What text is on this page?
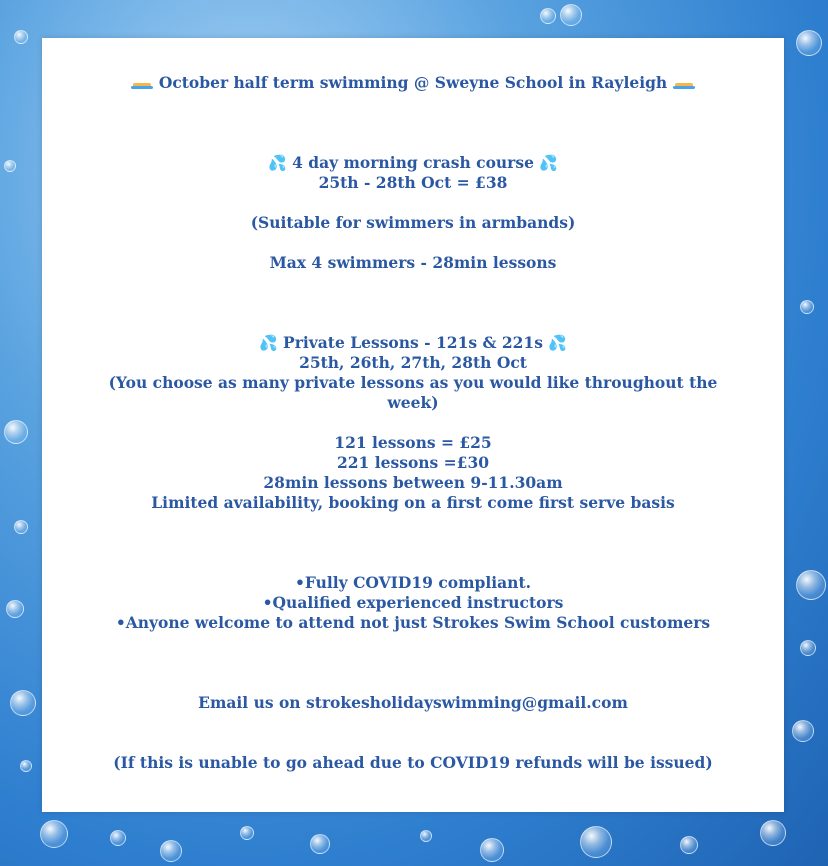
October half term swimming @ Sweyne School in Rayleigh
💦 4 day morning crash course 💦
25th - 28th Oct = £38
(Suitable for swimmers in armbands)
Max 4 swimmers - 28min lessons
💦 Private Lessons - 121s & 221s 💦
25th, 26th, 27th, 28th Oct
(You choose as many private lessons as you would like throughout the week)
121 lessons = £25
221 lessons =£30
28min lessons between 9-11.30am
Limited availability, booking on a first come first serve basis
•Fully COVID19 compliant.
•Qualified experienced instructors
•Anyone welcome to attend not just Strokes Swim School customers
Email us on strokesholidayswimming@gmail.com
(If this is unable to go ahead due to COVID19 refunds will be issued)
